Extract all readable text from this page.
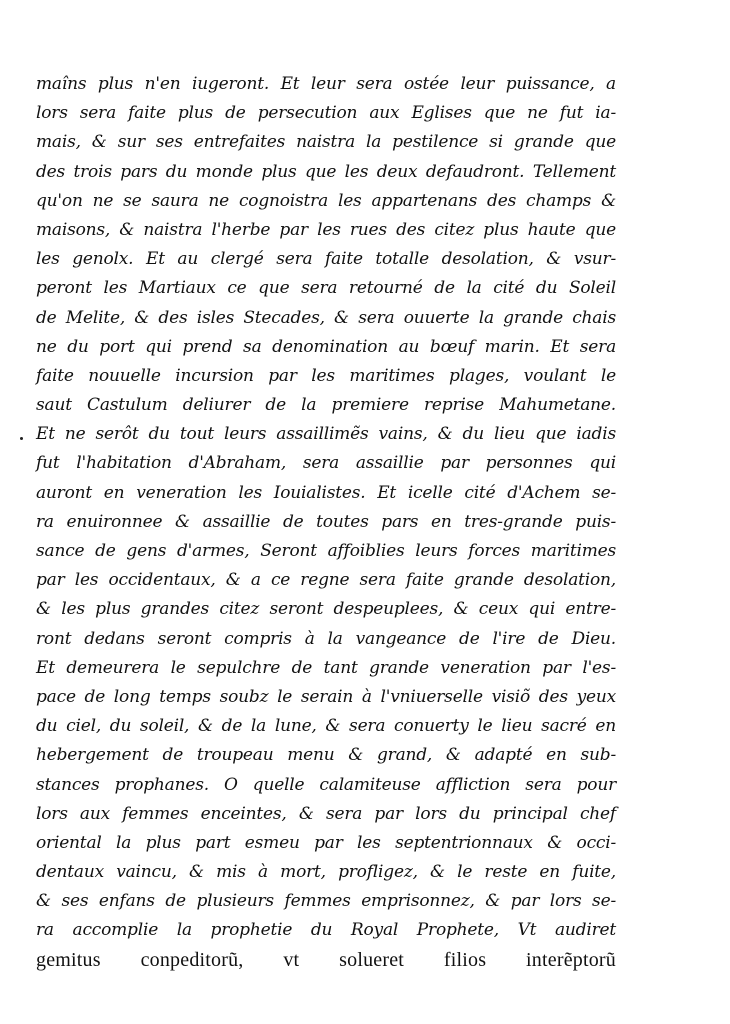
maîns plus n'en iugeront. Et leur sera ostée leur puissance, a
lors sera faite plus de persecution aux Eglises que ne fut ia-
mais, & sur ses entrefaites naistra la pestilence si grande que
des trois pars du monde plus que les deux defaudront. Tellement
qu'on ne se saura ne cognoistra les appartenans des champs &
maisons, & naistra l'herbe par les rues des citez plus haute que
les genolx. Et au clergé sera faite totalle desolation, & vsur-
peront les Martiaux ce que sera retourné de la cité du Soleil
de Melite, & des isles Stecades, & sera ouuerte la grande chais
ne du port qui prend sa denomination au bœuf marin. Et sera
faite nouuelle incursion par les maritimes plages, voulant le
saut Castulum deliurer de la premiere reprise Mahumetane.
Et ne serôt du tout leurs assaillimẽs vains, & du lieu que iadis
fut l'habitation d'Abraham, sera assaillie par personnes qui
auront en veneration les Iouialistes. Et icelle cité d'Achem se-
ra enuironnee & assaillie de toutes pars en tres-grande puis-
sance de gens d'armes, Seront affoiblies leurs forces maritimes
par les occidentaux, & a ce regne sera faite grande desolation,
& les plus grandes citez seront despeuplees, & ceux qui entre-
ront dedans seront compris à la vangeance de l'ire de Dieu.
Et demeurera le sepulchre de tant grande veneration par l'es-
pace de long temps soubz le serain à l'vniuerselle visiõ des yeux
du ciel, du soleil, & de la lune, & sera conuerty le lieu sacré en
hebergement de troupeau menu & grand, & adapté en sub-
stances prophanes. O quelle calamiteuse affliction sera pour
lors aux femmes enceintes, & sera par lors du principal chef
oriental la plus part esmeu par les septentrionnaux & occi-
dentaux vaincu, & mis à mort, profligez, & le reste en fuite,
& ses enfans de plusieurs femmes emprisonnez, & par lors se-
ra accomplie la prophetie du Royal Prophete, Vt audiret
gemitus conpeditorũ, vt solueret filios interẽptorũ
